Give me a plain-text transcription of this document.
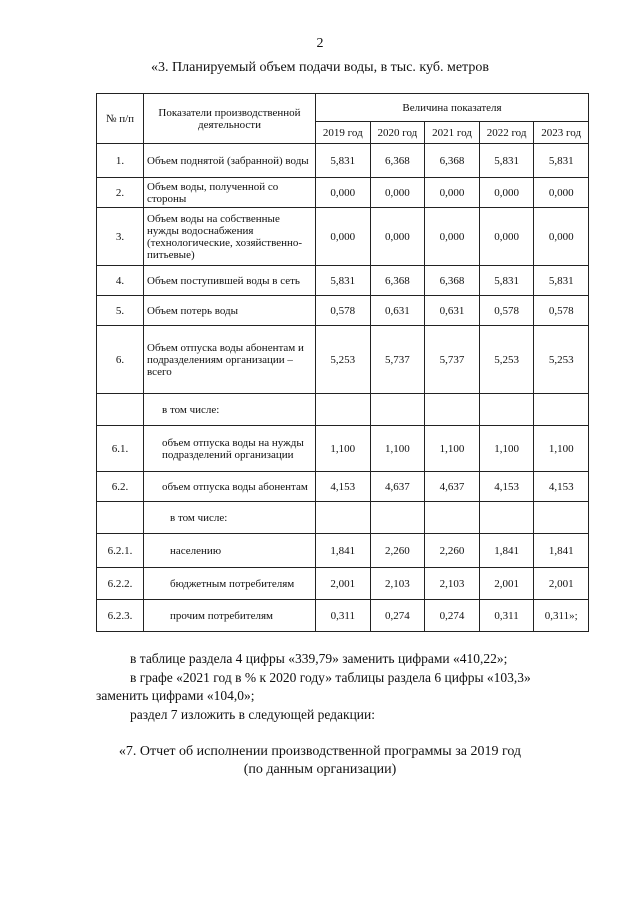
2
«3. Планируемый объем подачи воды, в тыс. куб. метров
№ п/п	Показатели производственной деятельности	Величина показателя				
		2019 год	2020 год	2021 год	2022 год	2023 год
1.	Объем поднятой (забранной) воды	5,831	6,368	6,368	5,831	5,831
2.	Объем воды, полученной со стороны	0,000	0,000	0,000	0,000	0,000
3.	Объем воды на собственные нужды водоснабжения (технологические, хозяйственно-питьевые)	0,000	0,000	0,000	0,000	0,000
4.	Объем поступившей воды в сеть	5,831	6,368	6,368	5,831	5,831
5.	Объем потерь воды	0,578	0,631	0,631	0,578	0,578
6.	Объем отпуска воды абонентам и подразделениям организации – всего	5,253	5,737	5,737	5,253	5,253
	в том числе:					
6.1.	объем отпуска воды на нужды подразделений организации	1,100	1,100	1,100	1,100	1,100
6.2.	объем отпуска воды абонентам	4,153	4,637	4,637	4,153	4,153
	в том числе:					
6.2.1.	населению	1,841	2,260	2,260	1,841	1,841
6.2.2.	бюджетным потребителям	2,001	2,103	2,103	2,001	2,001
6.2.3.	прочим потребителям	0,311	0,274	0,274	0,311	0,311»;
в таблице раздела 4 цифры «339,79» заменить цифрами «410,22»;
в графе «2021 год в % к 2020 году» таблицы раздела 6 цифры «103,3»
заменить цифрами «104,0»;
раздел 7 изложить в следующей редакции:
«7. Отчет об исполнении производственной программы за 2019 год
(по данным организации)
